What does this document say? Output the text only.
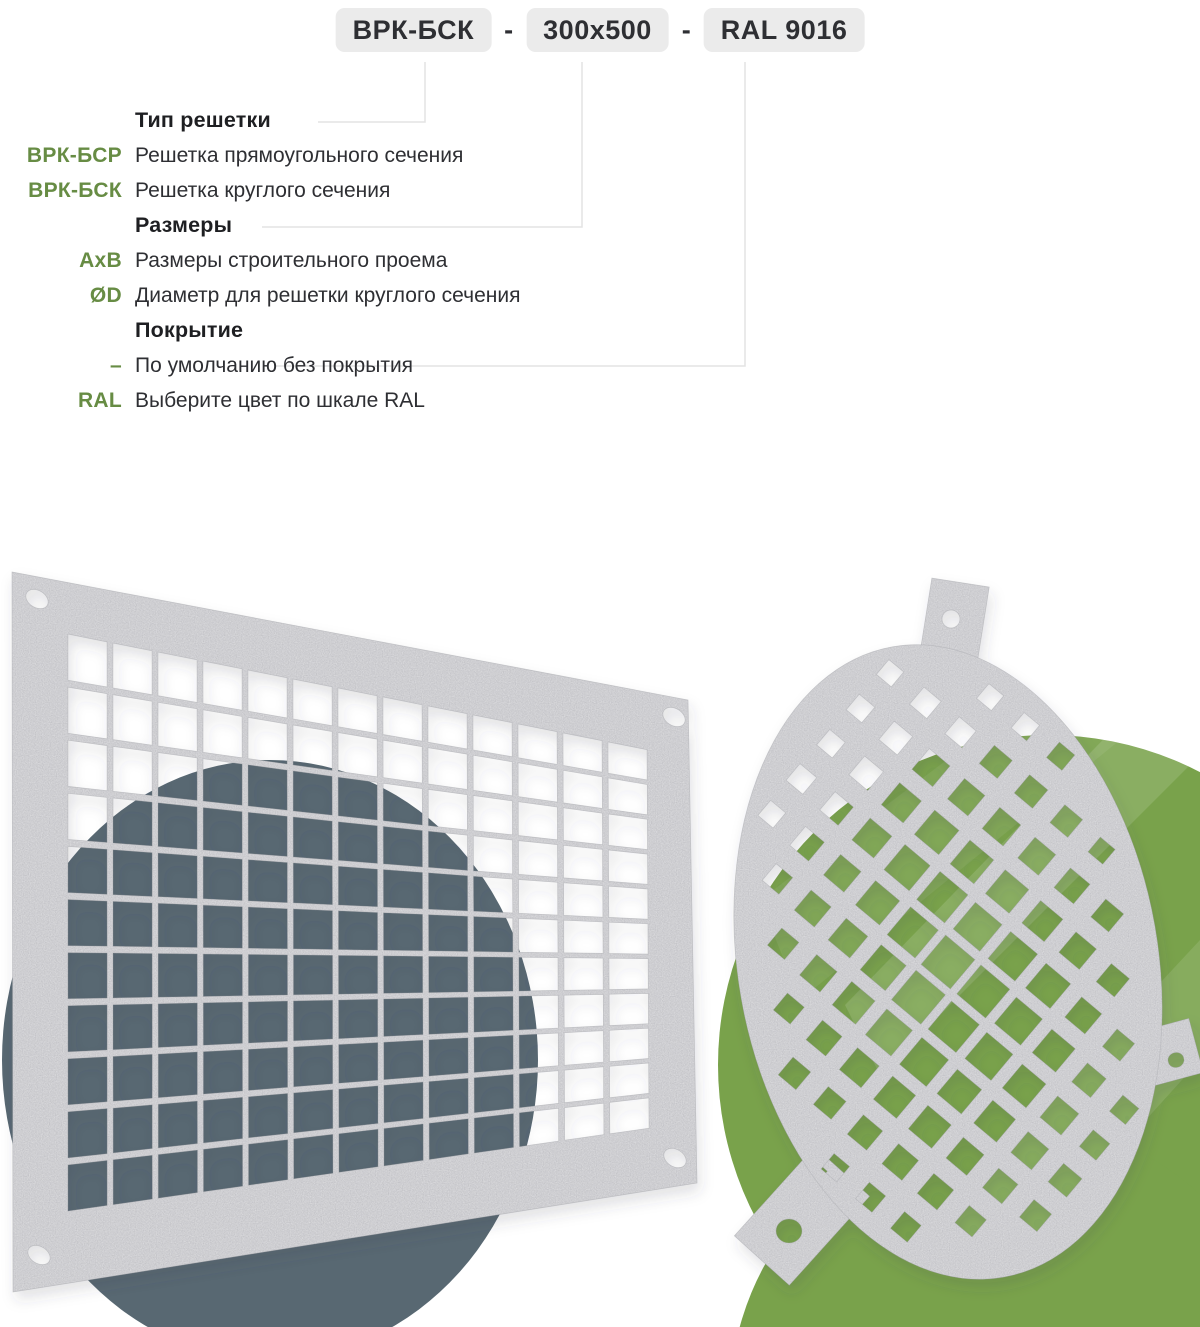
ВРК-БСК	-	300x500	-	RAL 9016
Тип решетки
ВРК-БСР Решетка прямоугольного сечения
ВРК-БСК Решетка круглого сечения
Размеры
AxB Размеры строительного проема
ØD Диаметр для решетки круглого сечения
Покрытие
– По умолчанию без покрытия
RAL Выберите цвет по шкале RAL
